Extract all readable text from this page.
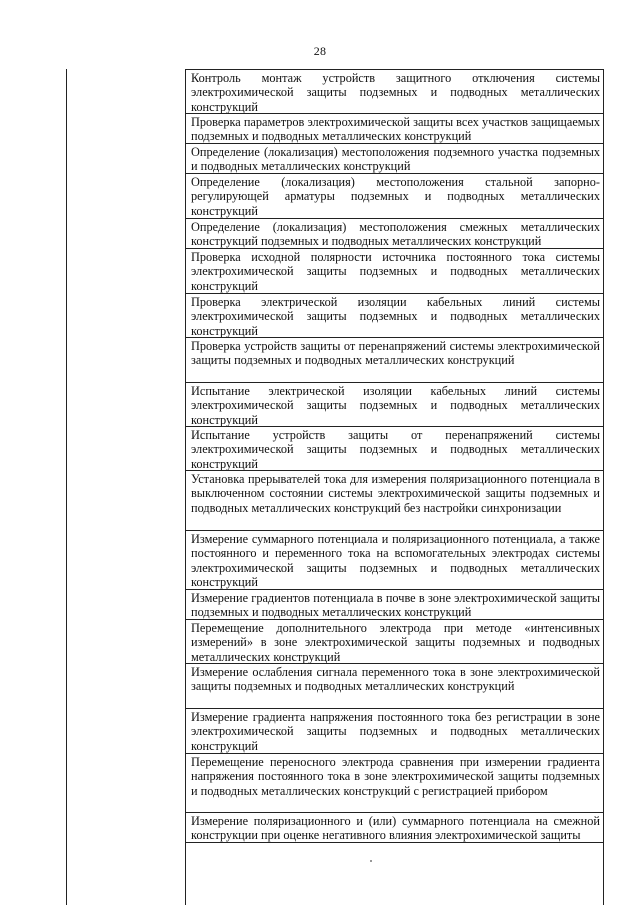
28
Контроль монтаж устройств защитного отключения системы электрохимической защиты подземных и подводных металлических конструкций
Проверка параметров электрохимической защиты всех участков защищаемых подземных и подводных металлических конструкций
Определение (локализация) местоположения подземного участка подземных и подводных металлических конструкций
Определение (локализация) местоположения стальной запорно-регулирующей арматуры подземных и подводных металлических конструкций
Определение (локализация) местоположения смежных металлических конструкций подземных и подводных металлических конструкций
Проверка исходной полярности источника постоянного тока системы электрохимической защиты подземных и подводных металлических конструкций
Проверка электрической изоляции кабельных линий системы электрохимической защиты подземных и подводных металлических конструкций
Проверка устройств защиты от перенапряжений системы электрохимической защиты подземных и подводных металлических конструкций
Испытание электрической изоляции кабельных линий системы электрохимической защиты подземных и подводных металлических конструкций
Испытание устройств защиты от перенапряжений системы электрохимической защиты подземных и подводных металлических конструкций
Установка прерывателей тока для измерения поляризационного потенциала в выключенном состоянии системы электрохимической защиты подземных и подводных металлических конструкций без настройки синхронизации
Измерение суммарного потенциала и поляризационного потенциала, а также постоянного и переменного тока на вспомогательных электродах системы электрохимической защиты подземных и подводных металлических конструкций
Измерение градиентов потенциала в почве в зоне электрохимической защиты подземных и подводных металлических конструкций
Перемещение дополнительного электрода при методе «интенсивных измерений» в зоне электрохимической защиты подземных и подводных металлических конструкций
Измерение ослабления сигнала переменного тока в зоне электрохимической защиты подземных и подводных металлических конструкций
Измерение градиента напряжения постоянного тока без регистрации в зоне электрохимической защиты подземных и подводных металлических конструкций
Перемещение переносного электрода сравнения при измерении градиента напряжения постоянного тока в зоне электрохимической защиты подземных и подводных металлических конструкций с регистрацией прибором
Измерение поляризационного и (или) суммарного потенциала на смежной конструкции при оценке негативного влияния электрохимической защиты
